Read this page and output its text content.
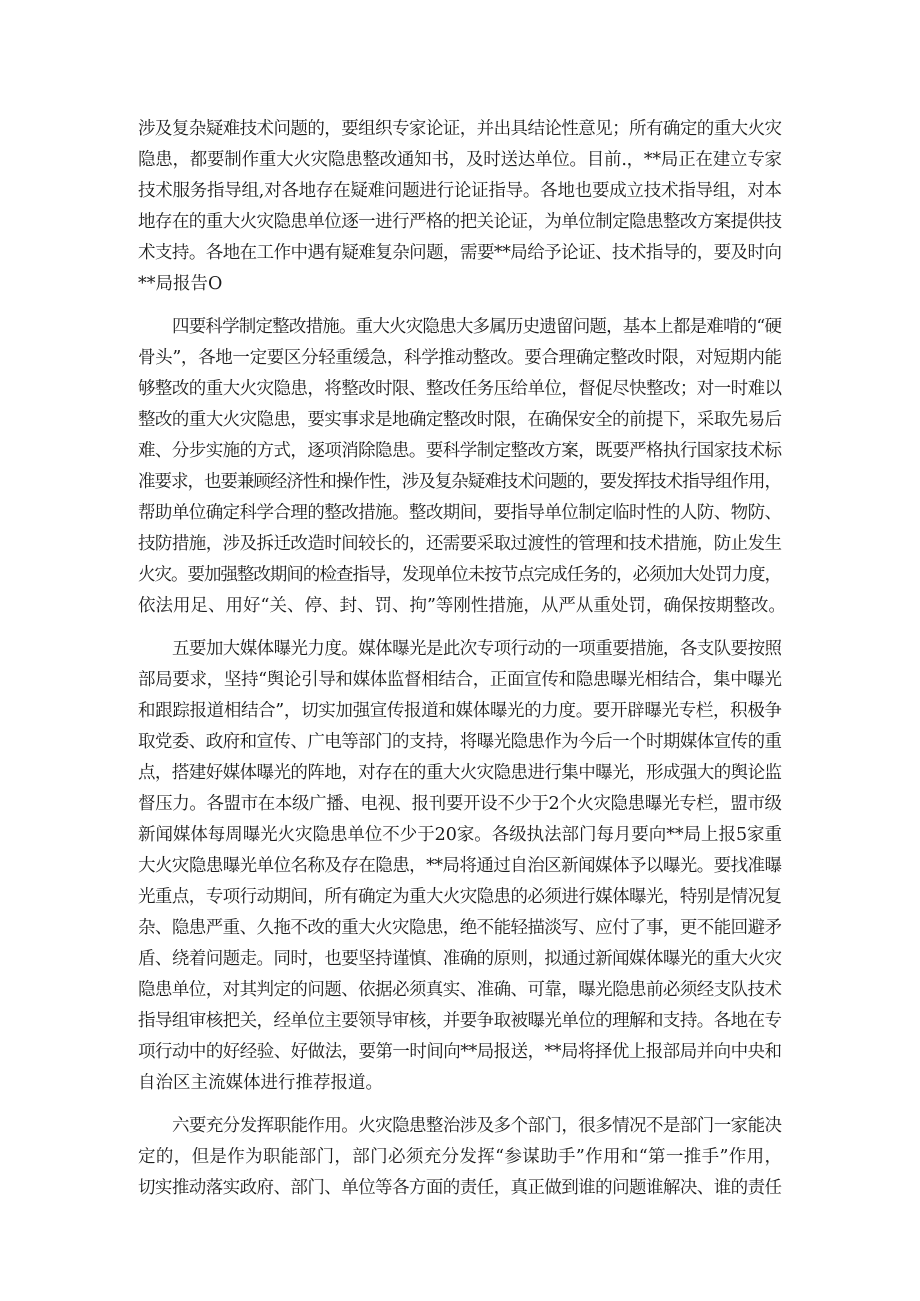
涉及复杂疑难技术问题的，要组织专家论证，并出具结论性意见；所有确定的重大火灾
隐患，都要制作重大火灾隐患整改通知书，及时送达单位。目前.，**局正在建立专家
技术服务指导组,对各地存在疑难问题进行论证指导。各地也要成立技术指导组，对本
地存在的重大火灾隐患单位逐一进行严格的把关论证，为单位制定隐患整改方案提供技
术支持。各地在工作中遇有疑难复杂问题，需要**局给予论证、技术指导的，要及时向
**局报告O
四要科学制定整改措施。重大火灾隐患大多属历史遗留问题，基本上都是难啃的“硬
骨头”，各地一定要区分轻重缓急，科学推动整改。要合理确定整改时限，对短期内能
够整改的重大火灾隐患，将整改时限、整改任务压给单位，督促尽快整改；对一时难以
整改的重大火灾隐患，要实事求是地确定整改时限，在确保安全的前提下，采取先易后
难、分步实施的方式，逐项消除隐患。要科学制定整改方案，既要严格执行国家技术标
准要求，也要兼顾经济性和操作性，涉及复杂疑难技术问题的，要发挥技术指导组作用，
帮助单位确定科学合理的整改措施。整改期间，要指导单位制定临时性的人防、物防、
技防措施，涉及拆迁改造时间较长的，还需要采取过渡性的管理和技术措施，防止发生
火灾。要加强整改期间的检查指导，发现单位未按节点完成任务的，必须加大处罚力度，
依法用足、用好“关、停、封、罚、拘”等刚性措施，从严从重处罚，确保按期整改。
五要加大媒体曝光力度。媒体曝光是此次专项行动的一项重要措施，各支队要按照
部局要求，坚持“舆论引导和媒体监督相结合，正面宣传和隐患曝光相结合，集中曝光
和跟踪报道相结合”，切实加强宣传报道和媒体曝光的力度。要开辟曝光专栏，积极争
取党委、政府和宣传、广电等部门的支持，将曝光隐患作为今后一个时期媒体宣传的重
点，搭建好媒体曝光的阵地，对存在的重大火灾隐患进行集中曝光，形成强大的舆论监
督压力。各盟市在本级广播、电视、报刊要开设不少于2个火灾隐患曝光专栏，盟市级
新闻媒体每周曝光火灾隐患单位不少于20家。各级执法部门每月要向**局上报5家重
大火灾隐患曝光单位名称及存在隐患，**局将通过自治区新闻媒体予以曝光。要找准曝
光重点，专项行动期间，所有确定为重大火灾隐患的必须进行媒体曝光，特别是情况复
杂、隐患严重、久拖不改的重大火灾隐患，绝不能轻描淡写、应付了事，更不能回避矛
盾、绕着问题走。同时，也要坚持谨慎、准确的原则，拟通过新闻媒体曝光的重大火灾
隐患单位，对其判定的问题、依据必须真实、准确、可靠，曝光隐患前必须经支队技术
指导组审核把关，经单位主要领导审核，并要争取被曝光单位的理解和支持。各地在专
项行动中的好经验、好做法，要第一时间向**局报送，**局将择优上报部局并向中央和
自治区主流媒体进行推荐报道。
六要充分发挥职能作用。火灾隐患整治涉及多个部门，很多情况不是部门一家能决
定的，但是作为职能部门，部门必须充分发挥“参谋助手”作用和“第一推手”作用，
切实推动落实政府、部门、单位等各方面的责任，真正做到谁的问题谁解决、谁的责任
